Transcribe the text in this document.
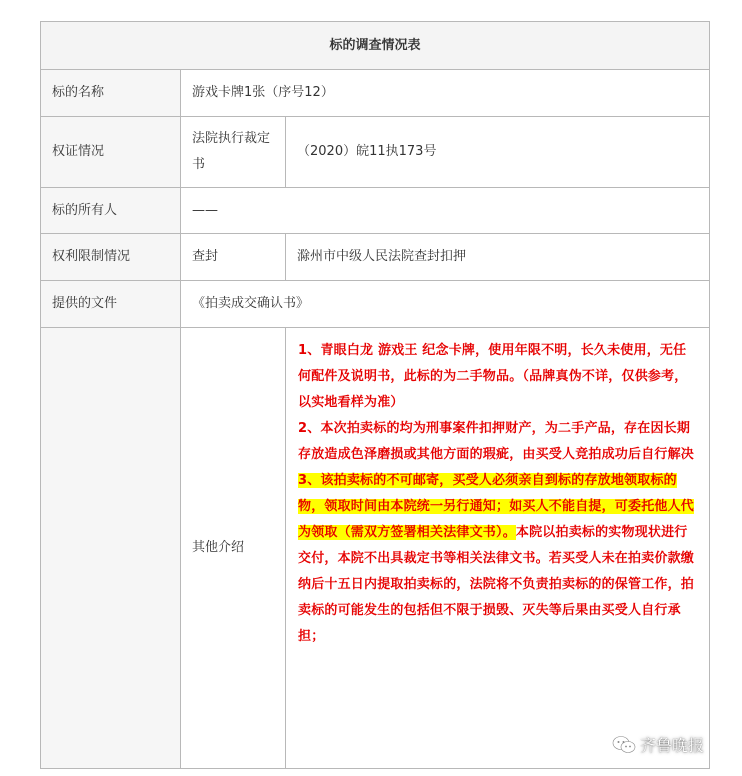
标的调查情况表		
标的名称	游戏卡牌1张（序号12）	
权证情况	法院执行裁定书	（2020）皖11执173号
标的所有人	——	
权利限制情况	查封	滁州市中级人民法院查封扣押
提供的文件	《拍卖成交确认书》	
	其他介绍	1、青眼白龙 游戏王 纪念卡牌，使用年限不明，长久未使用，无任何配件及说明书，此标的为二手物品。（品牌真伪不详，仅供参考，以实地看样为准）
2、本次拍卖标的均为刑事案件扣押财产，为二手产品，存在因长期存放造成色泽磨损或其他方面的瑕疵，由买受人竞拍成功后自行解决
3、该拍卖标的不可邮寄，买受人必须亲自到标的存放地领取标的物，领取时间由本院统一另行通知；如买人不能自提，可委托他人代为领取（需双方签署相关法律文书）。本院以拍卖标的实物现状进行交付，本院不出具裁定书等相关法律文书。若买受人未在拍卖价款缴纳后十五日内提取拍卖标的，法院将不负责拍卖标的的保管工作，拍卖标的可能发生的包括但不限于损毁、灭失等后果由买受人自行承担；
齐鲁晚报
